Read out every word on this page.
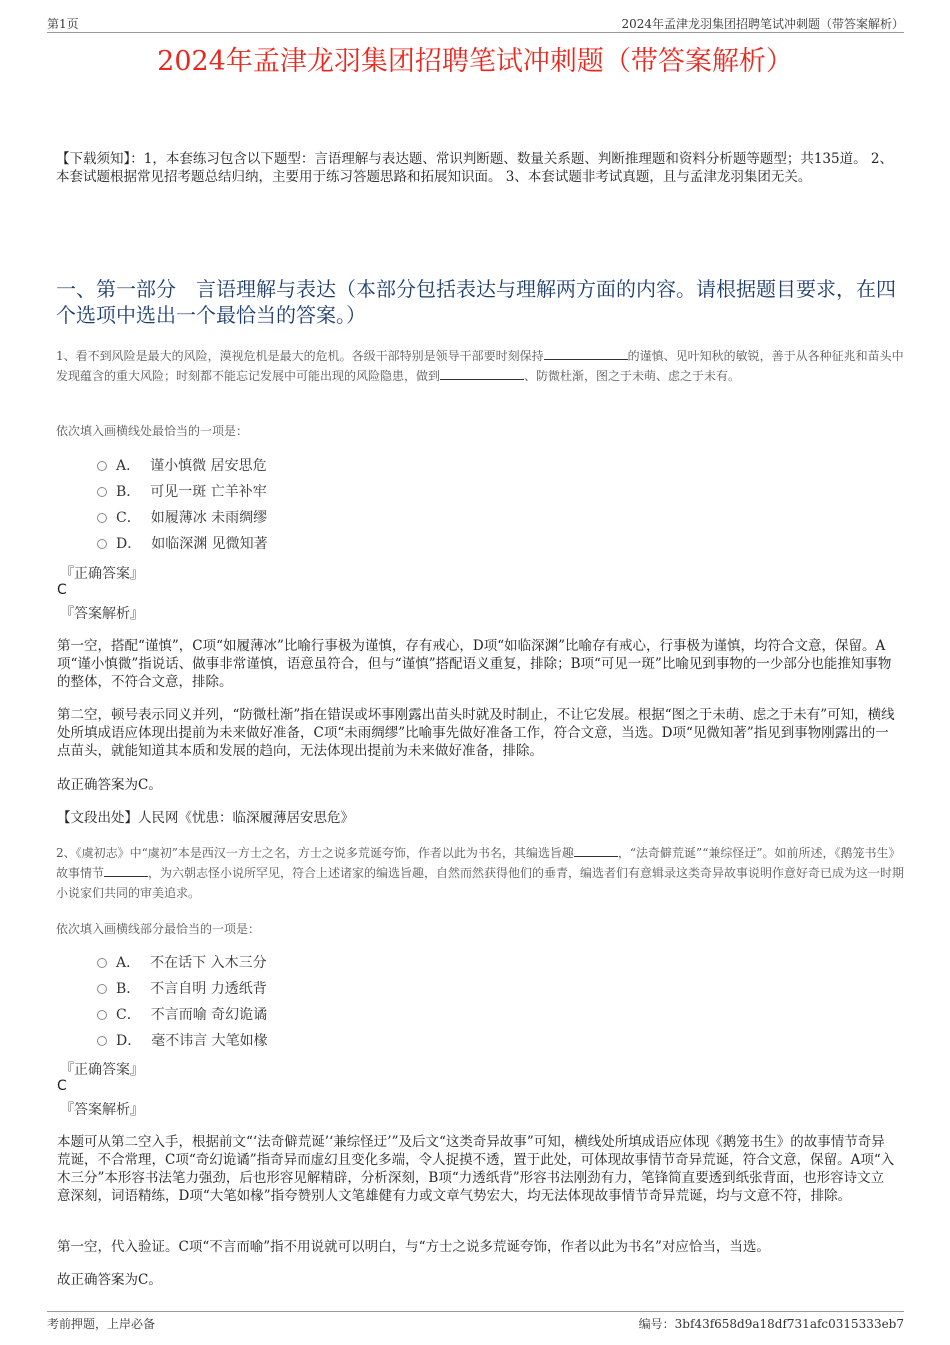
第1页	2024年孟津龙羽集团招聘笔试冲刺题（带答案解析）
2024年孟津龙羽集团招聘笔试冲刺题（带答案解析）
【下载须知】：1，本套练习包含以下题型：言语理解与表达题、常识判断题、数量关系题、判断推理题和资料分析题等题型；共135道。 2、本套试题根据常见招考题总结归纳，主要用于练习答题思路和拓展知识面。 3、本套试题非考试真题，且与孟津龙羽集团无关。
一、第一部分　言语理解与表达（本部分包括表达与理解两方面的内容。请根据题目要求，在四个选项中选出一个最恰当的答案。）
1、看不到风险是最大的风险，漠视危机是最大的危机。各级干部特别是领导干部要时刻保持	的谨慎、见叶知秋的敏锐，善于从各种征兆和苗头中发现蕴含的重大风险；时刻都不能忘记发展中可能出现的风险隐患，做到	、防微杜渐，图之于未萌、虑之于未有。
依次填入画横线处最恰当的一项是：
A． 谨小慎微 居安思危
B． 可见一斑 亡羊补牢
C． 如履薄冰 未雨绸缪
D． 如临深渊 见微知著
『正确答案』
C
『答案解析』
第一空，搭配“谨慎”，C项“如履薄冰”比喻行事极为谨慎，存有戒心，D项“如临深渊”比喻存有戒心，行事极为谨慎，均符合文意，保留。A项“谨小慎微”指说话、做事非常谨慎，语意虽符合，但与“谨慎”搭配语义重复，排除；B项“可见一斑”比喻见到事物的一少部分也能推知事物的整体，不符合文意，排除。
第二空，顿号表示同义并列，“防微杜渐”指在错误或坏事刚露出苗头时就及时制止，不让它发展。根据“图之于未萌、虑之于未有”可知，横线处所填成语应体现出提前为未来做好准备，C项“未雨绸缪”比喻事先做好准备工作，符合文意，当选。D项“见微知著”指见到事物刚露出的一点苗头，就能知道其本质和发展的趋向，无法体现出提前为未来做好准备，排除。
故正确答案为C。
【文段出处】人民网《忧患：临深履薄居安思危》
2、《虞初志》中“虞初”本是西汉一方士之名，方士之说多荒诞夸饰，作者以此为书名，其编选旨趣	，“法奇僻荒诞”“兼综怪迂”。如前所述，《鹅笼书生》故事情节	，为六朝志怪小说所罕见，符合上述诸家的编选旨趣，自然而然获得他们的垂青，编选者们有意辑录这类奇异故事说明作意好奇已成为这一时期小说家们共同的审美追求。
依次填入画横线部分最恰当的一项是：
A． 不在话下 入木三分
B． 不言自明 力透纸背
C． 不言而喻 奇幻诡谲
D． 毫不讳言 大笔如椽
『正确答案』
C
『答案解析』
本题可从第二空入手，根据前文“‘法奇僻荒诞’‘兼综怪迂’”及后文“这类奇异故事”可知，横线处所填成语应体现《鹅笼书生》的故事情节奇异荒诞，不合常理，C项“奇幻诡谲”指奇异而虚幻且变化多端，令人捉摸不透，置于此处，可体现故事情节奇异荒诞，符合文意，保留。A项“入木三分”本形容书法笔力强劲，后也形容见解精辟，分析深刻，B项“力透纸背”形容书法刚劲有力，笔锋简直要透到纸张背面，也形容诗文立意深刻，词语精练，D项“大笔如椽”指夸赞别人文笔雄健有力或文章气势宏大，均无法体现故事情节奇异荒诞，均与文意不符，排除。
第一空，代入验证。C项“不言而喻”指不用说就可以明白，与“方士之说多荒诞夸饰，作者以此为书名”对应恰当，当选。
故正确答案为C。
考前押题，上岸必备	编号：3bf43f658d9a18df731afc0315333eb7
